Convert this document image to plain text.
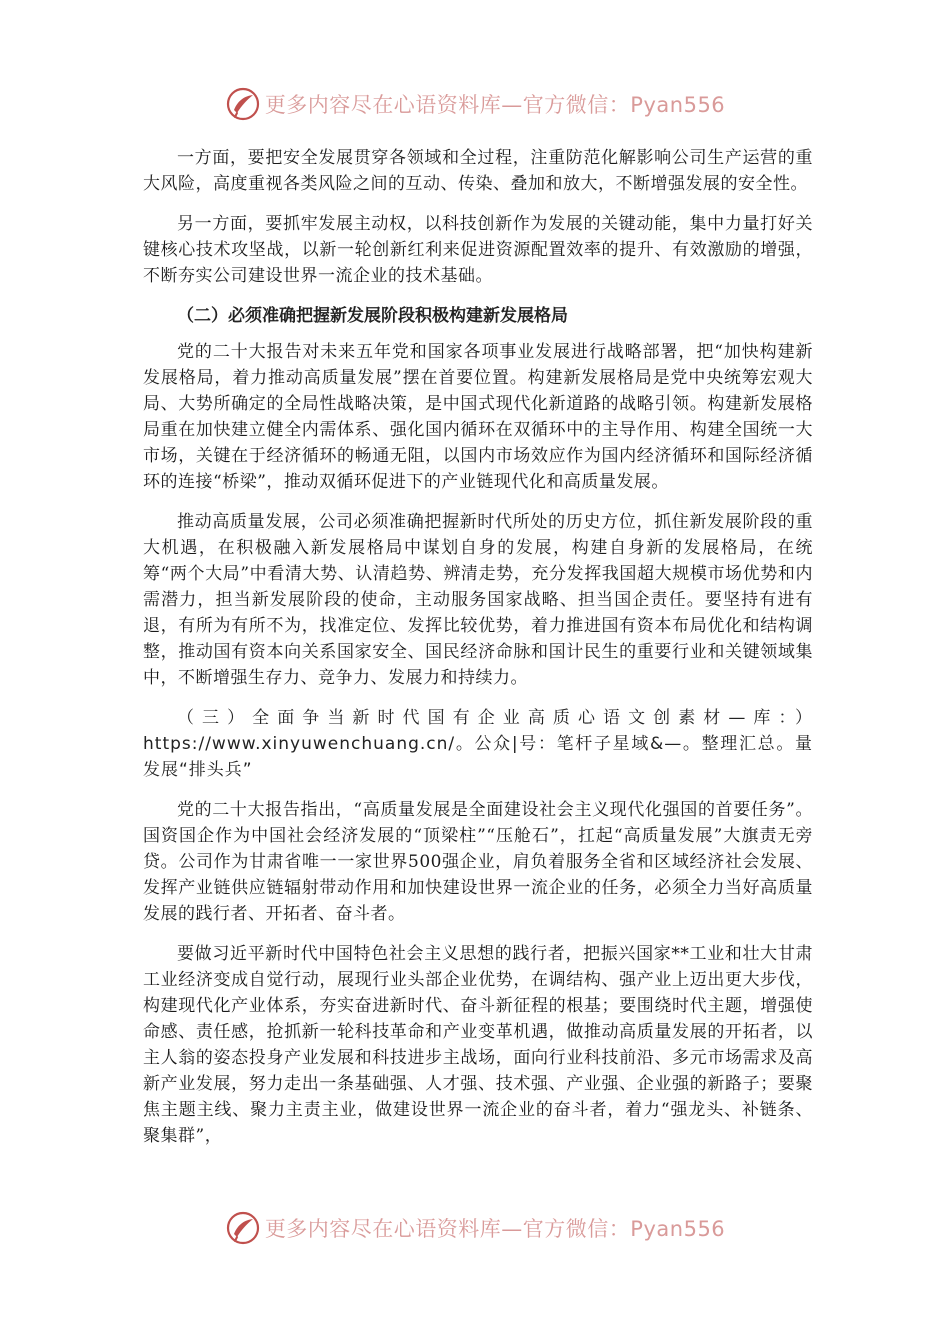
更多内容尽在心语资料库—官方微信：Pyan556

一方面，要把安全发展贯穿各领域和全过程，注重防范化解影响公司生产运营的重大风险，高度重视各类风险之间的互动、传染、叠加和放大，不断增强发展的安全性。

另一方面，要抓牢发展主动权，以科技创新作为发展的关键动能，集中力量打好关键核心技术攻坚战，以新一轮创新红利来促进资源配置效率的提升、有效激励的增强，不断夯实公司建设世界一流企业的技术基础。

（二）必须准确把握新发展阶段积极构建新发展格局

党的二十大报告对未来五年党和国家各项事业发展进行战略部署，把“加快构建新发展格局，着力推动高质量发展”摆在首要位置。构建新发展格局是党中央统筹宏观大局、大势所确定的全局性战略决策，是中国式现代化新道路的战略引领。构建新发展格局重在加快建立健全内需体系、强化国内循环在双循环中的主导作用、构建全国统一大市场，关键在于经济循环的畅通无阻，以国内市场效应作为国内经济循环和国际经济循环的连接“桥梁”，推动双循环促进下的产业链现代化和高质量发展。

推动高质量发展，公司必须准确把握新时代所处的历史方位，抓住新发展阶段的重大机遇，在积极融入新发展格局中谋划自身的发展，构建自身新的发展格局，在统筹“两个大局”中看清大势、认清趋势、辨清走势，充分发挥我国超大规模市场优势和内需潜力，担当新发展阶段的使命，主动服务国家战略、担当国企责任。要坚持有进有退，有所为有所不为，找准定位、发挥比较优势，着力推进国有资本布局优化和结构调整，推动国有资本向关系国家安全、国民经济命脉和国计民生的重要行业和关键领域集中，不断增强生存力、竞争力、发展力和持续力。

（三）全面争当新时代国有企业高质心语文创素材—库：）https://www.xinyuwenchuang.cn/。公众|号：笔杆子星域&—。整理汇总。量发展“排头兵”

党的二十大报告指出，“高质量发展是全面建设社会主义现代化强国的首要任务”。国资国企作为中国社会经济发展的“顶梁柱”“压舱石”，扛起“高质量发展”大旗责无旁贷。公司作为甘肃省唯一一家世界500强企业，肩负着服务全省和区域经济社会发展、发挥产业链供应链辐射带动作用和加快建设世界一流企业的任务，必须全力当好高质量发展的践行者、开拓者、奋斗者。

要做习近平新时代中国特色社会主义思想的践行者，把振兴国家**工业和壮大甘肃工业经济变成自觉行动，展现行业头部企业优势，在调结构、强产业上迈出更大步伐，构建现代化产业体系，夯实奋进新时代、奋斗新征程的根基；要围绕时代主题，增强使命感、责任感，抢抓新一轮科技革命和产业变革机遇，做推动高质量发展的开拓者，以主人翁的姿态投身产业发展和科技进步主战场，面向行业科技前沿、多元市场需求及高新产业发展，努力走出一条基础强、人才强、技术强、产业强、企业强的新路子；要聚焦主题主线、聚力主责主业，做建设世界一流企业的奋斗者，着力“强龙头、补链条、聚集群”，

更多内容尽在心语资料库—官方微信：Pyan556
